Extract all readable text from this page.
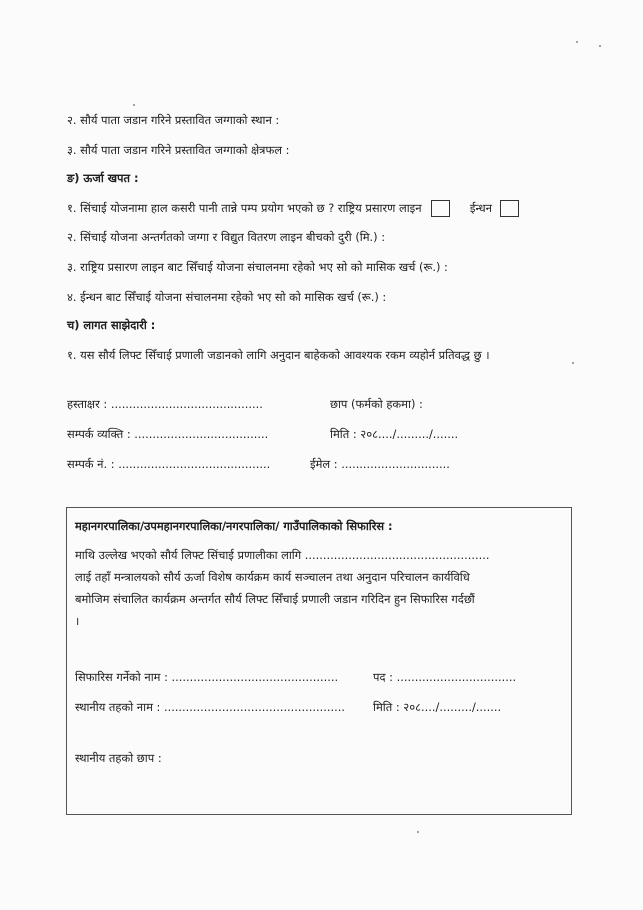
२. सौर्य पाता जडान गरिने प्रस्तावित जग्गाको स्थान :
३. सौर्य पाता जडान गरिने प्रस्तावित जग्गाको क्षेत्रफल :
ङ) ऊर्जा खपत :
१. सिंचाई योजनामा हाल कसरी पानी तान्ने पम्प प्रयोग भएको छ ? राष्ट्रिय प्रसारण लाइन	ईन्धन
२. सिंचाई योजना अन्तर्गतको जग्गा र विद्युत वितरण लाइन बीचको दुरी (मि.) :
३. राष्ट्रिय प्रसारण लाइन बाट सिँचाई योजना संचालनमा रहेको भए सो को मासिक खर्च (रू.) :
४. ईन्धन बाट सिँचाई योजना संचालनमा रहेको भए सो को मासिक खर्च (रू.) :
च) लागत साझेदारी :
१. यस सौर्य लिफ्ट सिँचाई प्रणाली जडानको लागि अनुदान बाहेकको आवश्यक रकम व्यहोर्न प्रतिवद्ध छु ।
हस्ताक्षर : ..........................................	छाप (फर्मको हकमा) :
सम्पर्क व्यक्ति : .....................................	मिति : २०८..../........./.......
सम्पर्क नं. : ..........................................	ईमेल : ..............................
महानगरपालिका/उपमहानगरपालिका/नगरपालिका/ गाउँपालिकाको सिफारिस :
माथि उल्लेख भएको सौर्य लिफ्ट सिंचाई प्रणालीका लागि ...................................................
लाई तहाँ मन्त्रालयको सौर्य ऊर्जा विशेष कार्यक्रम कार्य सञ्चालन तथा अनुदान परिचालन कार्यविधि
बमोजिम संचालित कार्यक्रम अन्तर्गत सौर्य लिफ्ट सिँचाई प्रणाली जडान गरिदिन हुन सिफारिस गर्दछौं
।
सिफारिस गर्नेको नाम : ..............................................	पद : .................................
स्थानीय तहको नाम : .................................................. मिति : २०८..../........./.......
स्थानीय तहको छाप :
